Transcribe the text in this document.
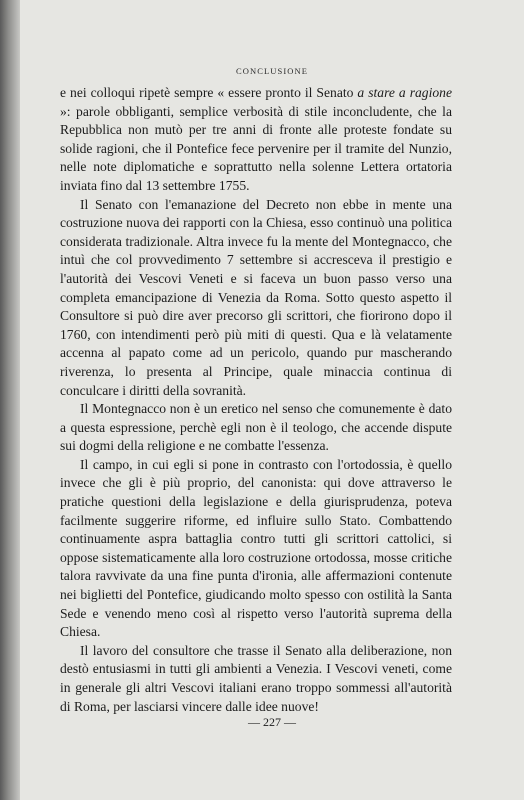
CONCLUSIONE

e nei colloqui ripetè sempre « essere pronto il Senato a stare a ragione »: parole obbliganti, semplice verbosità di stile inconcludente, che la Repubblica non mutò per tre anni di fronte alle proteste fondate su solide ragioni, che il Pontefice fece pervenire per il tramite del Nunzio, nelle note diplomatiche e soprattutto nella solenne Lettera ortatoria inviata fino dal 13 settembre 1755.

Il Senato con l'emanazione del Decreto non ebbe in mente una costruzione nuova dei rapporti con la Chiesa, esso continuò una politica considerata tradizionale. Altra invece fu la mente del Montegnacco, che intuì che col provvedimento 7 settembre si accresceva il prestigio e l'autorità dei Vescovi Veneti e si faceva un buon passo verso una completa emancipazione di Venezia da Roma. Sotto questo aspetto il Consultore si può dire aver precorso gli scrittori, che fiorirono dopo il 1760, con intendimenti però più miti di questi. Qua e là velatamente accenna al papato come ad un pericolo, quando pur mascherando riverenza, lo presenta al Principe, quale minaccia continua di conculcare i diritti della sovranità.

Il Montegnacco non è un eretico nel senso che comunemente è dato a questa espressione, perchè egli non è il teologo, che accende dispute sui dogmi della religione e ne combatte l'essenza.

Il campo, in cui egli si pone in contrasto con l'ortodossia, è quello invece che gli è più proprio, del canonista: qui dove attraverso le pratiche questioni della legislazione e della giurisprudenza, poteva facilmente suggerire riforme, ed influire sullo Stato. Combattendo continuamente aspra battaglia contro tutti gli scrittori cattolici, si oppose sistematicamente alla loro costruzione ortodossa, mosse critiche talora ravvivate da una fine punta d'ironia, alle affermazioni contenute nei biglietti del Pontefice, giudicando molto spesso con ostilità la Santa Sede e venendo meno così al rispetto verso l'autorità suprema della Chiesa.

Il lavoro del consultore che trasse il Senato alla deliberazione, non destò entusiasmi in tutti gli ambienti a Venezia. I Vescovi veneti, come in generale gli altri Vescovi italiani erano troppo sommessi all'autorità di Roma, per lasciarsi vincere dalle idee nuove!

— 227 —
